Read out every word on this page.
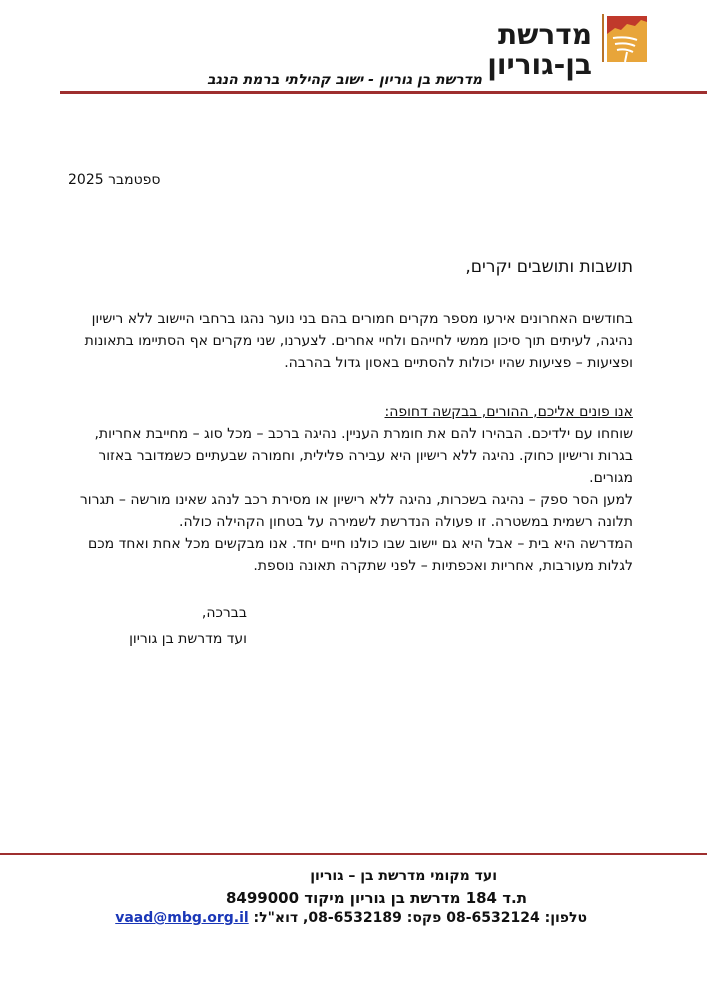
מדרשת
בן-גוריון
מדרשת בן גוריון - ישוב קהילתי ברמת הנגב
ספטמבר 2025
תושבות ותושבים יקרים,
בחודשים האחרונים אירעו מספר מקרים חמורים בהם בני נוער נהגו ברחבי היישוב ללא רישיון נהיגה, לעיתים תוך סיכון ממשי לחייהם ולחיי אחרים. לצערנו, שני מקרים אף הסתיימו בתאונות ופציעות – פציעות שהיו יכולות להסתיים באסון גדול בהרבה.
אנו פונים אליכם, ההורים, בבקשה דחופה:
שוחחו עם ילדיכם. הבהירו להם את חומרת העניין. נהיגה ברכב – מכל סוג – מחייבת אחריות, בגרות ורישיון כחוק. נהיגה ללא רישיון היא עבירה פלילית, וחמורה שבעתיים כשמדובר באזור מגורים.
למען הסר ספק – נהיגה בשכרות, נהיגה ללא רישיון או מסירת רכב לנהג שאינו מורשה – תגרור תלונה רשמית במשטרה. זו פעולה הנדרשת לשמירה על בטחון הקהילה כולה.
המדרשה היא בית – אבל היא גם יישוב שבו כולנו חיים יחד. אנו מבקשים מכל אחת ואחד מכם לגלות מעורבות, אחריות ואכפתיות – לפני שתקרה תאונה נוספת.
בברכה,
ועד מדרשת בן גוריון
ועד מקומי מדרשת בן – גוריון
ת.ד 184 מדרשת בן גוריון מיקוד 8499000
טלפון: 08-6532124 פקס: 08-6532189, דוא"ל: vaad@mbg.org.il
